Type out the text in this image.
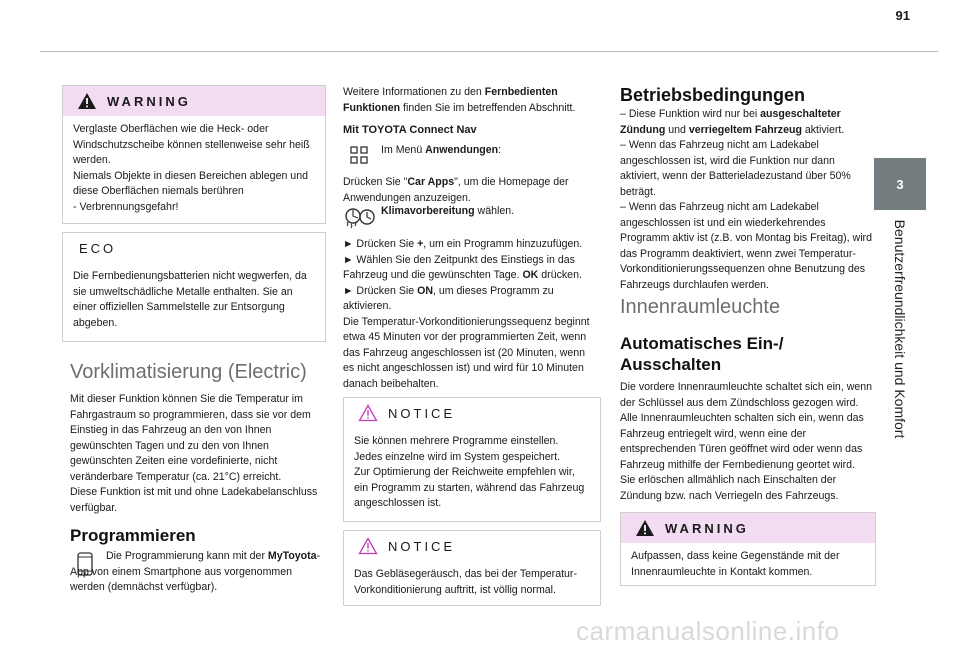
91
3
Benutzerfreundlichkeit und Komfort
WARNING
Verglaste Oberflächen wie die Heck- oder Windschutzscheibe können stellenweise sehr heiß werden.
Niemals Objekte in diesen Bereichen ablegen und diese Oberflächen niemals berühren
- Verbrennungsgefahr!
ECO
Die Fernbedienungsbatterien nicht wegwerfen, da sie umweltschädliche Metalle enthalten. Sie an einer offiziellen Sammelstelle zur Entsorgung abgeben.
Vorklimatisierung (Electric)
Mit dieser Funktion können Sie die Temperatur im Fahrgastraum so programmieren, dass sie vor dem Einstieg in das Fahrzeug an den von Ihnen gewünschten Tagen und zu den von Ihnen gewünschten Zeiten eine vordefinierte, nicht veränderbare Temperatur (ca. 21°C) erreicht.
Diese Funktion ist mit und ohne Ladekabelanschluss verfügbar.
Programmieren
Die Programmierung kann mit der MyToyota-App von einem Smartphone aus vorgenommen werden (demnächst verfügbar).
Weitere Informationen zu den Fernbedienten Funktionen finden Sie im betreffenden Abschnitt.
Mit TOYOTA Connect Nav
Im Menü Anwendungen:
Drücken Sie "Car Apps", um die Homepage der Anwendungen anzuzeigen.
Klimavorbereitung wählen.

► Drücken Sie +, um ein Programm hinzuzufügen.

► Wählen Sie den Zeitpunkt des Einstiegs in das Fahrzeug und die gewünschten Tage. OK drücken.

► Drücken Sie ON, um dieses Programm zu aktivieren.

Die Temperatur-Vorkonditionierungssequenz beginnt etwa 45 Minuten vor der programmierten Zeit, wenn das Fahrzeug angeschlossen ist (20 Minuten, wenn es nicht angeschlossen ist) und wird für 10 Minuten danach beibehalten.

NOTICE
Sie können mehrere Programme einstellen.
Jedes einzelne wird im System gespeichert.
Zur Optimierung der Reichweite empfehlen wir, ein Programm zu starten, während das Fahrzeug angeschlossen ist.
NOTICE
Das Gebläsegeräusch, das bei der Temperatur-Vorkonditionierung auftritt, ist völlig normal.
Betriebsbedingungen

– Diese Funktion wird nur bei ausgeschalteter Zündung und verriegeltem Fahrzeug aktiviert.

– Wenn das Fahrzeug nicht am Ladekabel angeschlossen ist, wird die Funktion nur dann aktiviert, wenn der Batterieladezustand über 50% beträgt.

– Wenn das Fahrzeug nicht am Ladekabel angeschlossen ist und ein wiederkehrendes Programm aktiv ist (z.B. von Montag bis Freitag), wird das Programm deaktiviert, wenn zwei Temperatur-Vorkonditionierungssequenzen ohne Benutzung des Fahrzeugs durchlaufen werden.

Innenraumleuchte
Automatisches Ein-/ Ausschalten
Die vordere Innenraumleuchte schaltet sich ein, wenn der Schlüssel aus dem Zündschloss gezogen wird.
Alle Innenraumleuchten schalten sich ein, wenn das Fahrzeug entriegelt wird, wenn eine der entsprechenden Türen geöffnet wird oder wenn das Fahrzeug mithilfe der Fernbedienung geortet wird.
Sie erlöschen allmählich nach Einschalten der Zündung bzw. nach Verriegeln des Fahrzeugs.
WARNING
Aufpassen, dass keine Gegenstände mit der Innenraumleuchte in Kontakt kommen.
carmanualsonline.info
